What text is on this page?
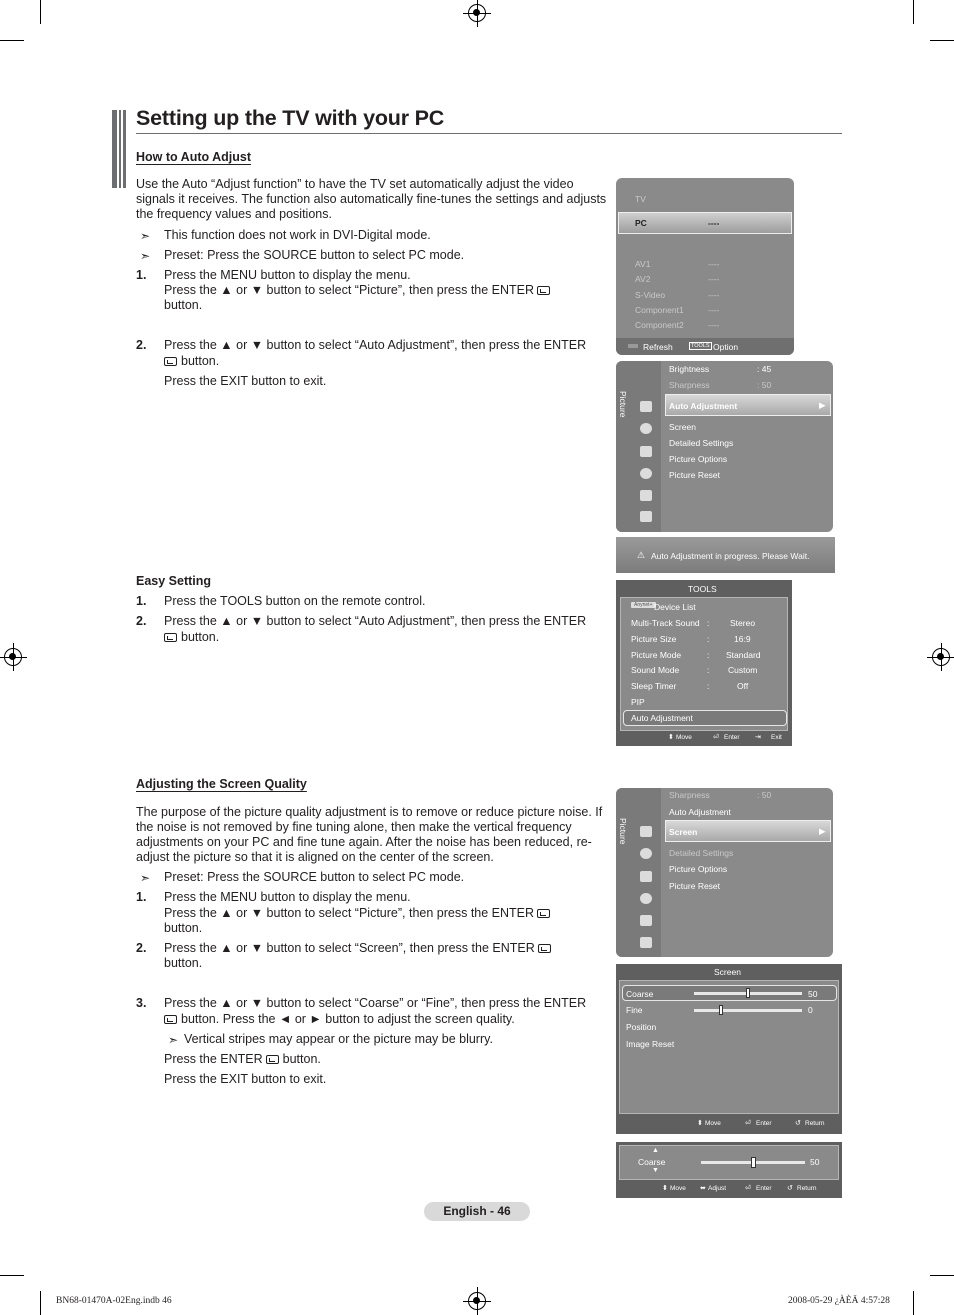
Setting up the TV with your PC
How to Auto Adjust
Use the Auto “Adjust function” to have the TV set automatically adjust the video signals it receives. The function also automatically fine-tunes the settings and adjusts the frequency values and positions.
➣ This function does not work in DVI-Digital mode.
➣ Preset: Press the SOURCE button to select PC mode.
1. Press the MENU button to display the menu.
Press the ▲ or ▼ button to select “Picture”, then press the ENTER
button.
2. Press the ▲ or ▼ button to select “Auto Adjustment”, then press the ENTER
button.
Press the EXIT button to exit.
Easy Setting
1. Press the TOOLS button on the remote control.
2. Press the ▲ or ▼ button to select “Auto Adjustment”, then press the ENTER
button.
Adjusting the Screen Quality
The purpose of the picture quality adjustment is to remove or reduce picture noise. If the noise is not removed by fine tuning alone, then make the vertical frequency adjustments on your PC and fine tune again. After the noise has been reduced, re-adjust the picture so that it is aligned on the center of the screen.
➣ Preset: Press the SOURCE button to select PC mode.
1. Press the MENU button to display the menu.
Press the ▲ or ▼ button to select “Picture”, then press the ENTER
button.
2. Press the ▲ or ▼ button to select “Screen”, then press the ENTER
button.
3. Press the ▲ or ▼ button to select “Coarse” or “Fine”, then press the ENTER
button. Press the ◄ or ► button to adjust the screen quality.
➣ Vertical stripes may appear or the picture may be blurry.
Press the ENTER button.
Press the EXIT button to exit.
TV
PC	----
AV1	----
AV2	----
S-Video	----
Component1	----
Component2	----
Refresh	TOOLS Option
Picture
Brightness	: 45
Sharpness	: 50
Auto Adjustment	▶
Screen
Detailed Settings
Picture Options
Picture Reset
⚠ Auto Adjustment in progress. Please Wait.
TOOLS
Anynet+ Device List
Multi-Track Sound : Stereo
Picture Size	:	16:9
Picture Mode	: Standard
Sound Mode	: Custom
Sleep Timer	:	Off
PIP
Auto Adjustment
⬍ Move	⏎ Enter ⇥ Exit
Picture
Sharpness	: 50
Auto Adjustment
Screen	▶
Detailed Settings
Picture Options
Picture Reset
Screen
Coarse	50
Fine	0
Position
Image Reset
⬍ Move	⏎ Enter	↺ Return
▲
Coarse
▼
50
⬍ Move ⬌ Adjust	⏎ Enter ↺ Return
English - 46
BN68-01470A-02Eng.indb 46	2008-05-29 ¿ÀÈÄ 4:57:28
